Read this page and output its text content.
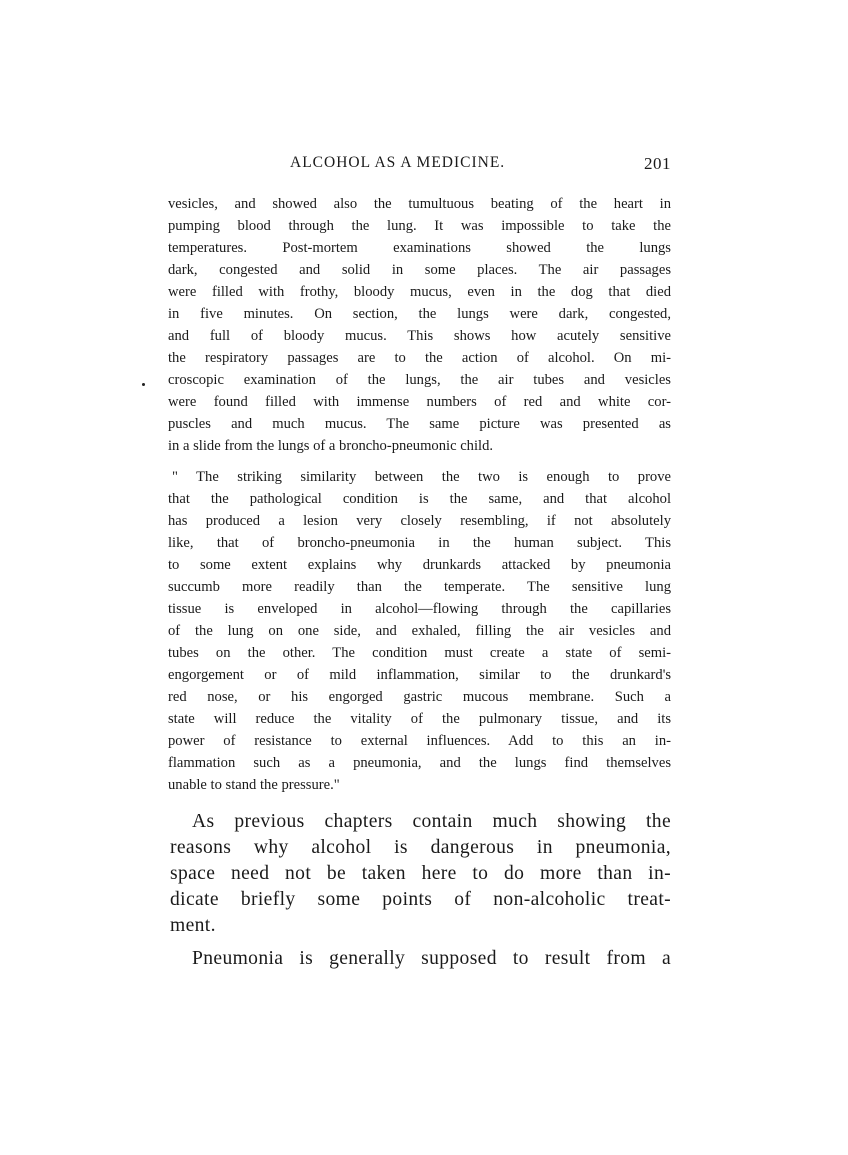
ALCOHOL AS A MEDICINE.	201
vesicles, and showed also the tumultuous beating of the heart in
pumping blood through the lung. It was impossible to take the
temperatures. Post-mortem examinations showed the lungs
dark, congested and solid in some places. The air passages
were filled with frothy, bloody mucus, even in the dog that died
in five minutes. On section, the lungs were dark, congested,
and full of bloody mucus. This shows how acutely sensitive
the respiratory passages are to the action of alcohol. On mi-
croscopic examination of the lungs, the air tubes and vesicles
were found filled with immense numbers of red and white cor-
puscles and much mucus. The same picture was presented as
in a slide from the lungs of a broncho-pneumonic child.
" The striking similarity between the two is enough to prove
that the pathological condition is the same, and that alcohol
has produced a lesion very closely resembling, if not absolutely
like, that of broncho-pneumonia in the human subject. This
to some extent explains why drunkards attacked by pneumonia
succumb more readily than the temperate. The sensitive lung
tissue is enveloped in alcohol—flowing through the capillaries
of the lung on one side, and exhaled, filling the air vesicles and
tubes on the other. The condition must create a state of semi-
engorgement or of mild inflammation, similar to the drunkard's
red nose, or his engorged gastric mucous membrane. Such a
state will reduce the vitality of the pulmonary tissue, and its
power of resistance to external influences. Add to this an in-
flammation such as a pneumonia, and the lungs find themselves
unable to stand the pressure."
As previous chapters contain much showing the
reasons why alcohol is dangerous in pneumonia,
space need not be taken here to do more than in-
dicate briefly some points of non-alcoholic treat-
ment.
Pneumonia is generally supposed to result from a
